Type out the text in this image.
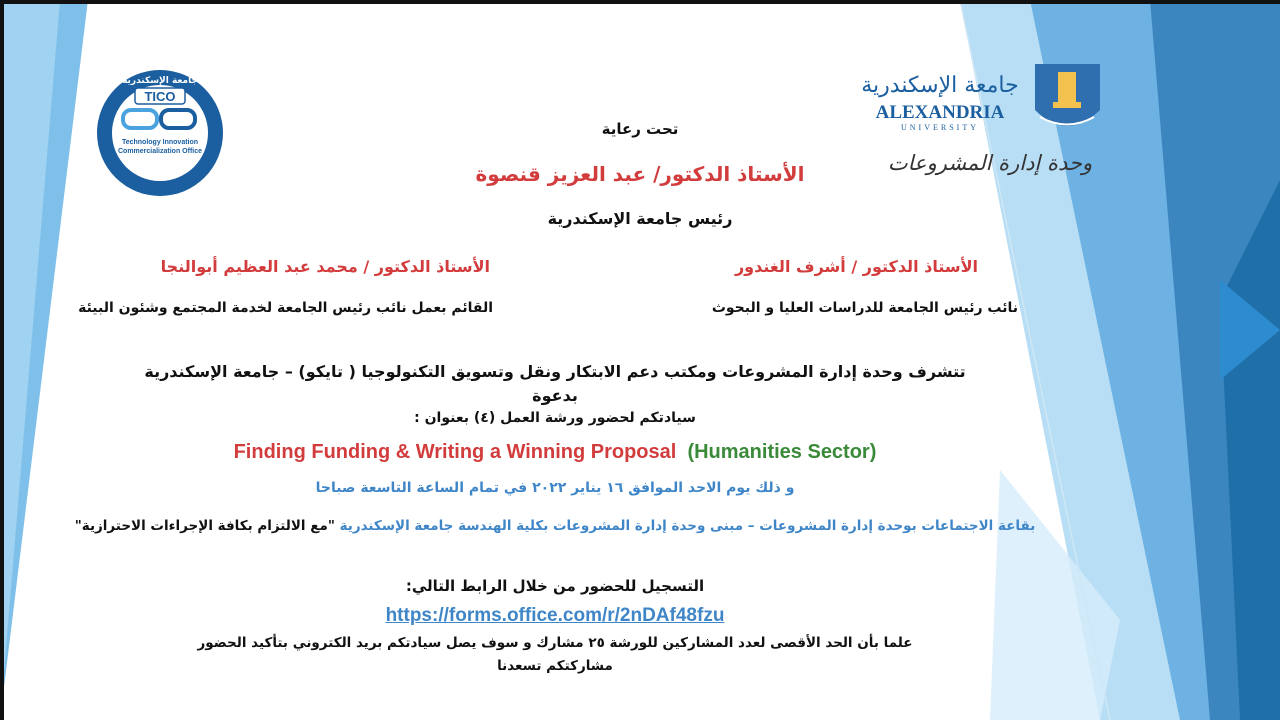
جامعة الإسكندرية
TICO
Technology Innovation
Commercialization Office
جامعة الإسكندرية
ALEXANDRIA
UNIVERSITY
وحدة إدارة المشروعات
تحت رعاية
الأستاذ الدكتور/ عبد العزيز قنصوة
رئيس جامعة الإسكندرية
الأستاذ الدكتور / أشرف الغندور
الأستاذ الدكتور / محمد عبد العظيم أبوالنجا
نائب رئيس الجامعة للدراسات العليا و البحوث
القائم بعمل نائب رئيس الجامعة لخدمة المجتمع وشئون البيئة
تتشرف وحدة إدارة المشروعات ومكتب دعم الابتكار ونقل وتسويق التكنولوجيا ( تايكو) – جامعة الإسكندرية
بدعوة
سيادتكم لحضور ورشة العمل (٤) بعنوان :
Finding Funding & Writing a Winning Proposal (Humanities Sector)
و ذلك يوم الاحد الموافق ١٦ يناير ٢٠٢٢ في تمام الساعة التاسعة صباحا
بقاعة الاجتماعات بوحدة إدارة المشروعات – مبنى وحدة إدارة المشروعات بكلية الهندسة جامعة الإسكندرية "مع الالتزام بكافة الإجراءات الاحترازية"
التسجيل للحضور من خلال الرابط التالي:
https://forms.office.com/r/2nDAf48fzu
علما بأن الحد الأقصى لعدد المشاركين للورشة ٢٥ مشارك و سوف يصل سيادتكم بريد الكتروني بتأكيد الحضور
مشاركتكم تسعدنا
